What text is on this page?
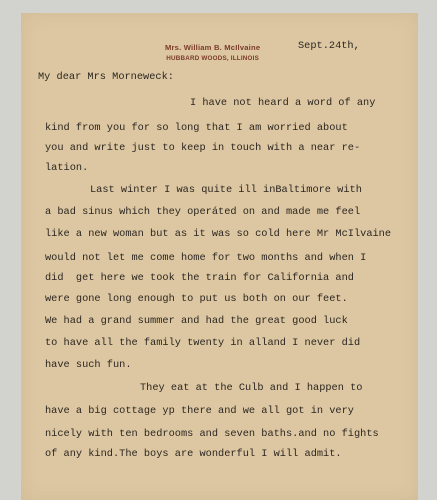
Mrs. William B. McIlvaine
HUBBARD WOODS, ILLINOIS

Sept.24th,

My dear Mrs Morneweck:

I have not heard a word of any

kind from you for so long that I am worried about

you and write just to keep in touch with a near re-

lation.

Last winter I was quite ill inBaltimore with

a bad sinus which they operáted on and made me feel

like a new woman but as it was so cold here Mr McIlvaine

would not let me come home for two months and when I

did  get here we took the train for California and

were gone long enough to put us both on our feet.

We had a grand summer and had the great good luck

to have all the family twenty in alland I never did

have such fun.

They eat at the Culb and I happen to

have a big cottage yp there and we all got in very

nicely with ten bedrooms and seven baths.and no fights

of any kind.The boys are wonderful I will admit.
